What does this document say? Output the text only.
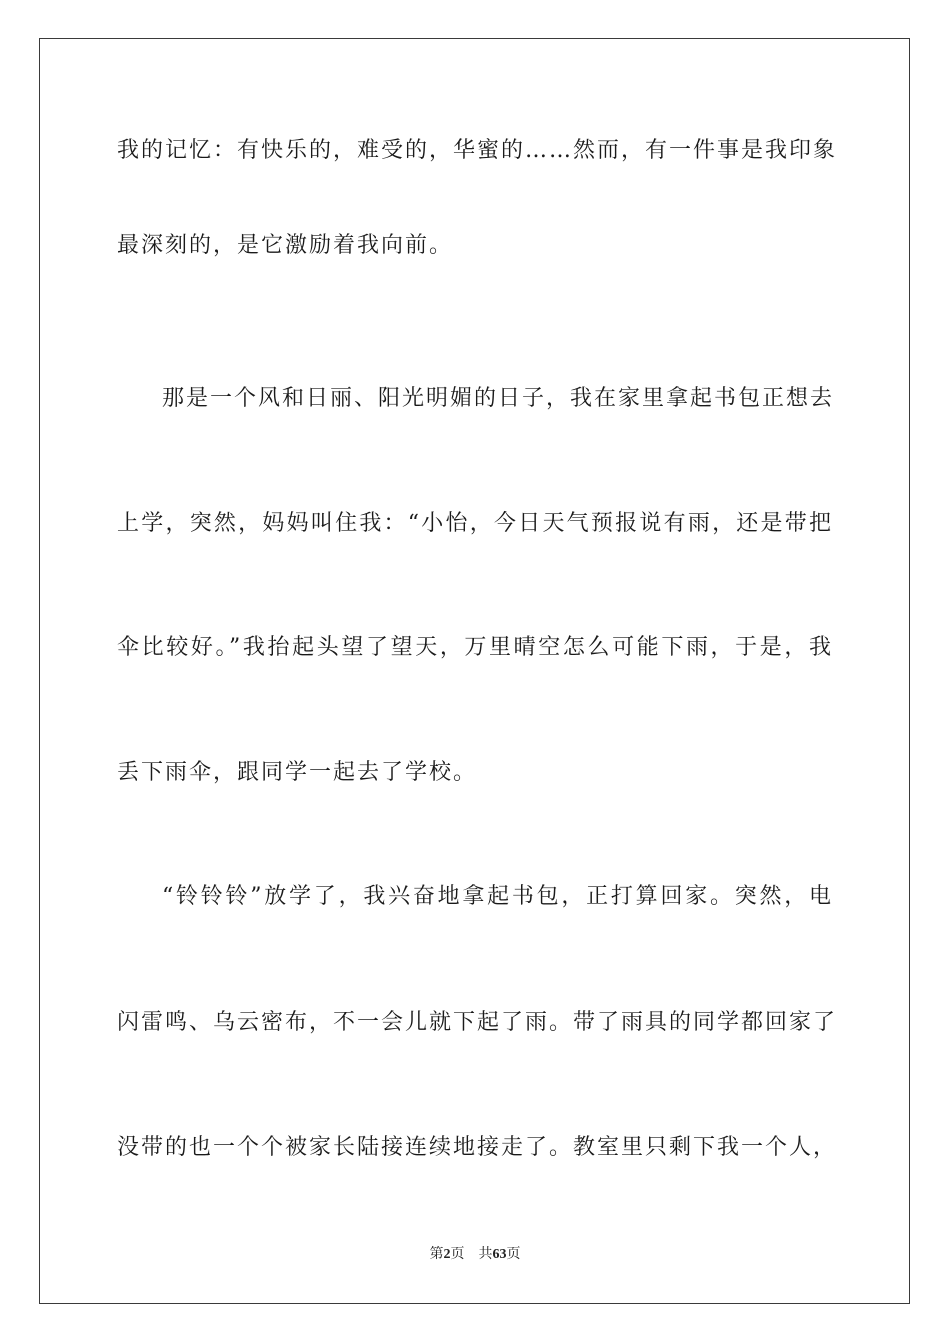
我的记忆：有快乐的，难受的，华蜜的……然而，有一件事是我印象

最深刻的，是它激励着我向前。

那是一个风和日丽、阳光明媚的日子，我在家里拿起书包正想去

上学，突然，妈妈叫住我：“小怡，今日天气预报说有雨，还是带把

伞比较好。”我抬起头望了望天，万里晴空怎么可能下雨，于是，我

丢下雨伞，跟同学一起去了学校。

“铃铃铃”放学了，我兴奋地拿起书包，正打算回家。突然，电

闪雷鸣、乌云密布，不一会儿就下起了雨。带了雨具的同学都回家了

没带的也一个个被家长陆接连续地接走了。教室里只剩下我一个人，

第2页 共63页
